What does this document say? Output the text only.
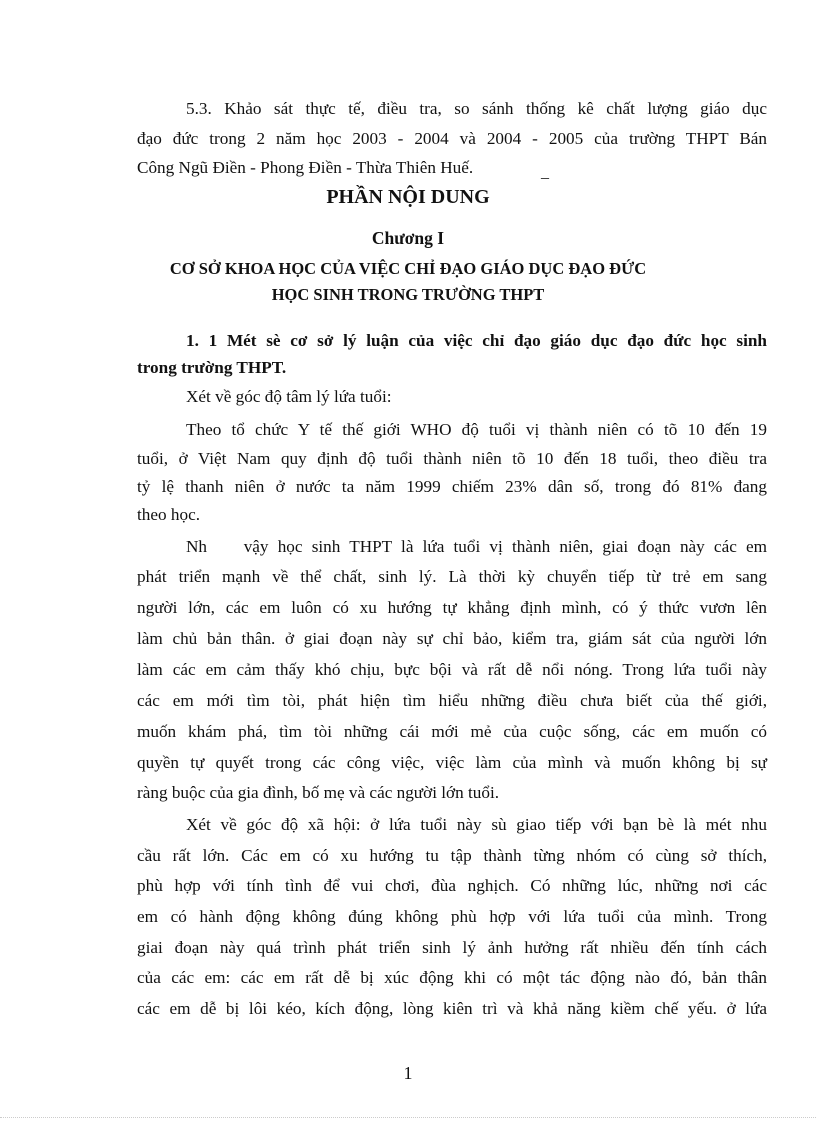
5.3. Khảo sát thực tế, điều tra, so sánh thống kê chất lượng giáo dục
đạo đức trong 2 năm học 2003 - 2004 và 2004 - 2005 của trường THPT Bán
Công Ngũ Điền - Phong Điền - Thừa Thiên Huế.	_
PHẦN NỘI DUNG
Chương I
CƠ SỞ KHOA HỌC CỦA VIỆC CHỈ ĐẠO GIÁO DỤC ĐẠO ĐỨC
HỌC SINH TRONG TRƯỜNG THPT
1. 1 Mét sè cơ sở lý luận của việc chỉ đạo giáo dục đạo đức học sinh
trong trường THPT.
Xét về góc độ tâm lý lứa tuổi:
Theo tổ chức Y tế thế giới WHO độ tuổi vị thành niên có tõ 10 đến 19
tuổi, ở Việt Nam quy định độ tuổi thành niên tõ 10 đến 18 tuổi, theo điều tra
tỷ lệ thanh niên ở nước ta năm 1999 chiếm 23% dân số, trong đó 81% đang
theo học.
Nh    vậy học sinh THPT là lứa tuổi vị thành niên, giai đoạn này các em
phát triển mạnh về thể chất, sinh lý. Là thời kỳ chuyển tiếp từ trẻ em sang
người lớn, các em luôn có xu hướng tự khẳng định mình, có ý thức vươn lên
làm chủ bản thân. ở giai đoạn này sự chỉ bảo, kiểm tra, giám sát của người lớn
làm các em cảm thấy khó chịu, bực bội và rất dễ nổi nóng. Trong lứa tuổi này
các em mới tìm tòi, phát hiện tìm hiểu những điều chưa biết của thế giới,
muốn khám phá, tìm tòi những cái mới mẻ của cuộc sống, các em muốn có
quyền tự quyết trong các công việc, việc làm của mình và muốn không bị sự
ràng buộc của gia đình, bố mẹ và các người lớn tuổi.
Xét về góc độ xã hội: ở lứa tuổi này sù giao tiếp với bạn bè là mét nhu
cầu rất lớn. Các em có xu hướng tu tập thành từng nhóm có cùng sở thích,
phù hợp với tính tình để vui chơi, đùa nghịch. Có những lúc, những nơi các
em có hành động không đúng không phù hợp với lứa tuổi của mình. Trong
giai đoạn này quá trình phát triển sinh lý ảnh hưởng rất nhiều đến tính cách
của các em: các em rất dễ bị xúc động khi có một tác động nào đó, bản thân
các em dễ bị lôi kéo, kích động, lòng kiên trì và khả năng kiềm chế yếu. ở lứa
1
